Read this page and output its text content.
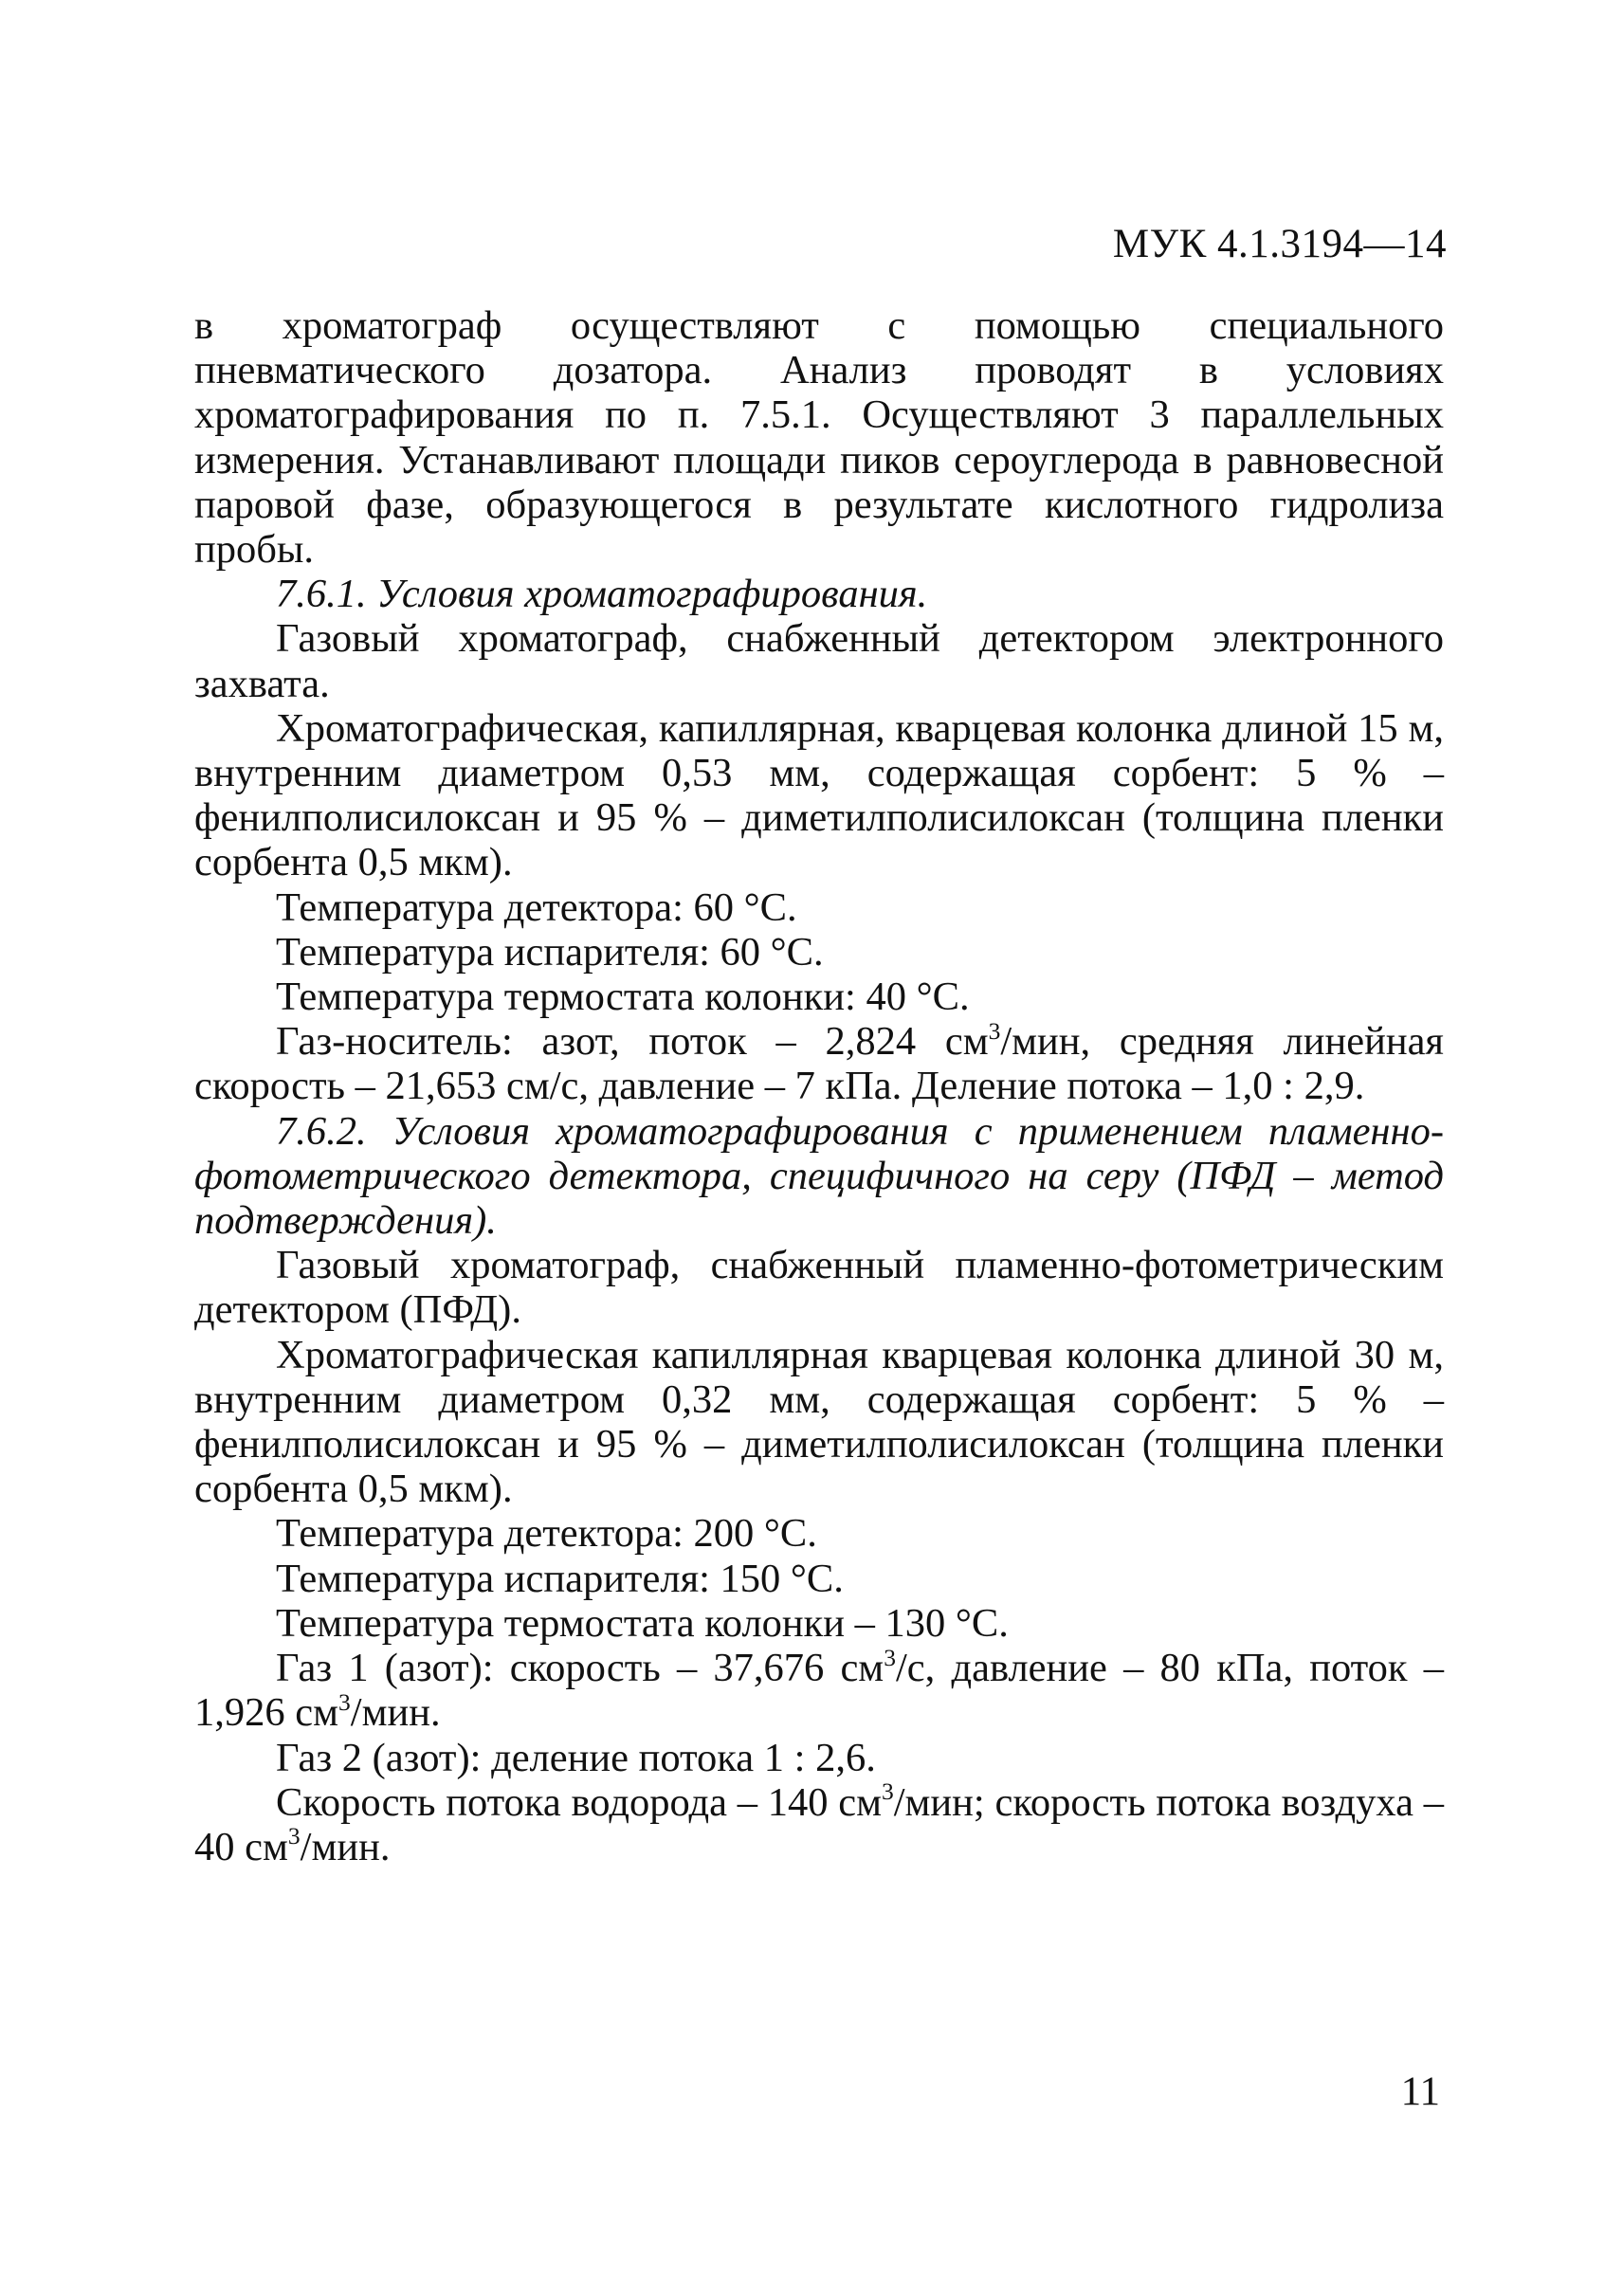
МУК 4.1.3194—14

в хроматограф осуществляют с помощью специального пневматического дозатора. Анализ проводят в условиях хроматографирования по п. 7.5.1. Осуществляют 3 параллельных измерения. Устанавливают площади пиков сероуглерода в равновесной паровой фазе, образующегося в результате кислотного гидролиза пробы.

7.6.1. Условия хроматографирования.

Газовый хроматограф, снабженный детектором электронного захвата.

Хроматографическая, капиллярная, кварцевая колонка длиной 15 м, внутренним диаметром 0,53 мм, содержащая сорбент: 5 % – фенилполисилоксан и 95 % – диметилполисилоксан (толщина пленки сорбента 0,5 мкм).

Температура детектора: 60 °С.

Температура испарителя: 60 °С.

Температура термостата колонки: 40 °С.

Газ-носитель: азот, поток – 2,824 $см^3$/мин, средняя линейная скорость – 21,653 см/с, давление – 7 кПа. Деление потока – 1,0 : 2,9.

7.6.2. Условия хроматографирования с применением пламенно-фотометрического детектора, специфичного на серу (ПФД – метод подтверждения).

Газовый хроматограф, снабженный пламенно-фотометрическим детектором (ПФД).

Хроматографическая капиллярная кварцевая колонка длиной 30 м, внутренним диаметром 0,32 мм, содержащая сорбент: 5 % – фенилполисилоксан и 95 % – диметилполисилоксан (толщина пленки сорбента 0,5 мкм).

Температура детектора: 200 °С.

Температура испарителя: 150 °С.

Температура термостата колонки – 130 °С.

Газ 1 (азот): скорость – 37,676 $см^3/с$, давление – 80 кПа, поток – 1,926 $см^3$/мин.

Газ 2 (азот): деление потока 1 : 2,6.

Скорость потока водорода – 140 $см^3$/мин; скорость потока воздуха – 40 $см^3$/мин.

11
